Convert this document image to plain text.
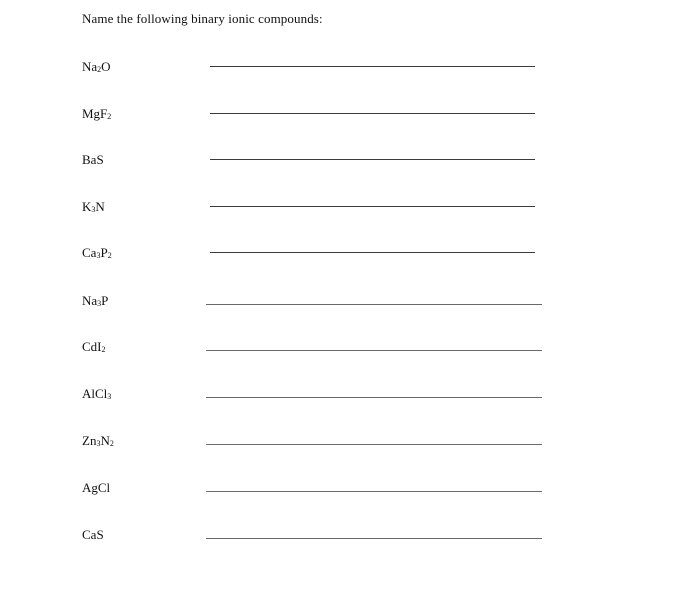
Name the following binary ionic compounds:
$Na_2O$
MgF$_2$
BaS
$K_3N$
$Ca_3P_2$
$Na_3P$
CdI$_2$
AlCl$_3$
$Zn_3N_2$
AgCl
CaS
